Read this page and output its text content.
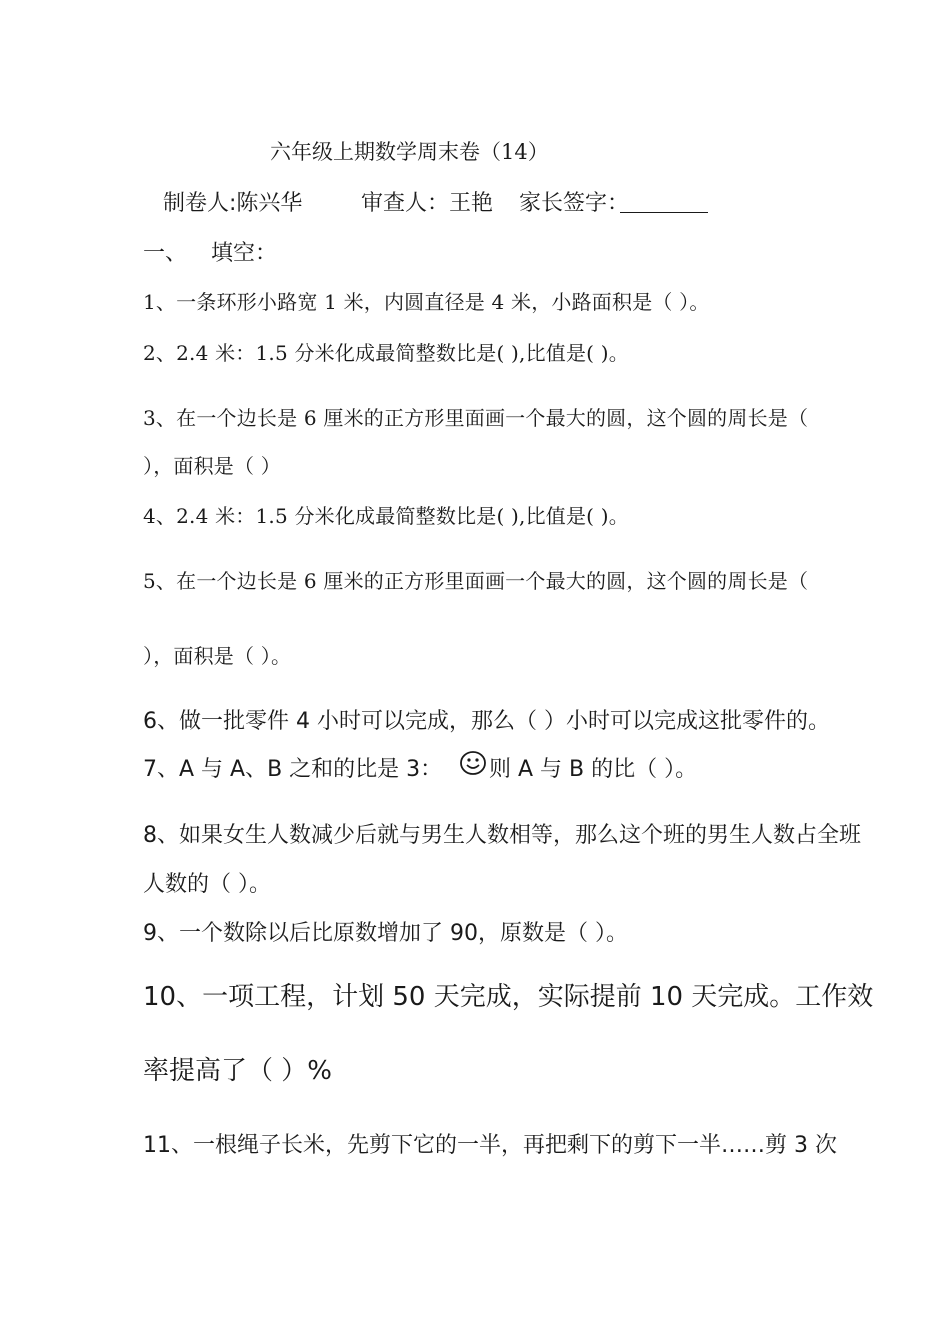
六年级上期数学周末卷（14）
制卷人:陈兴华	审查人：王艳 家长签字：
一、 填空：
1、一条环形小路宽 1 米，内圆直径是 4 米，小路面积是（ ）。
2、2.4 米：1.5 分米化成最简整数比是( ),比值是( )。
3、在一个边长是 6 厘米的正方形里面画一个最大的圆，这个圆的周长是（
），面积是（ ）
4、2.4 米：1.5 分米化成最简整数比是( ),比值是( )。
5、在一个边长是 6 厘米的正方形里面画一个最大的圆，这个圆的周长是（
），面积是（ ）。
6、做一批零件 4 小时可以完成，那么（ ）小时可以完成这批零件的。
7、A 与 A、B 之和的比是 3： 则 A 与 B 的比（ ）。
8、如果女生人数减少后就与男生人数相等，那么这个班的男生人数占全班
人数的（ ）。
9、一个数除以后比原数增加了 90，原数是（ ）。
10、一项工程，计划 50 天完成，实际提前 10 天完成。工作效
率提高了（ ）%
11、一根绳子长米，先剪下它的一半，再把剩下的剪下一半……剪 3 次
